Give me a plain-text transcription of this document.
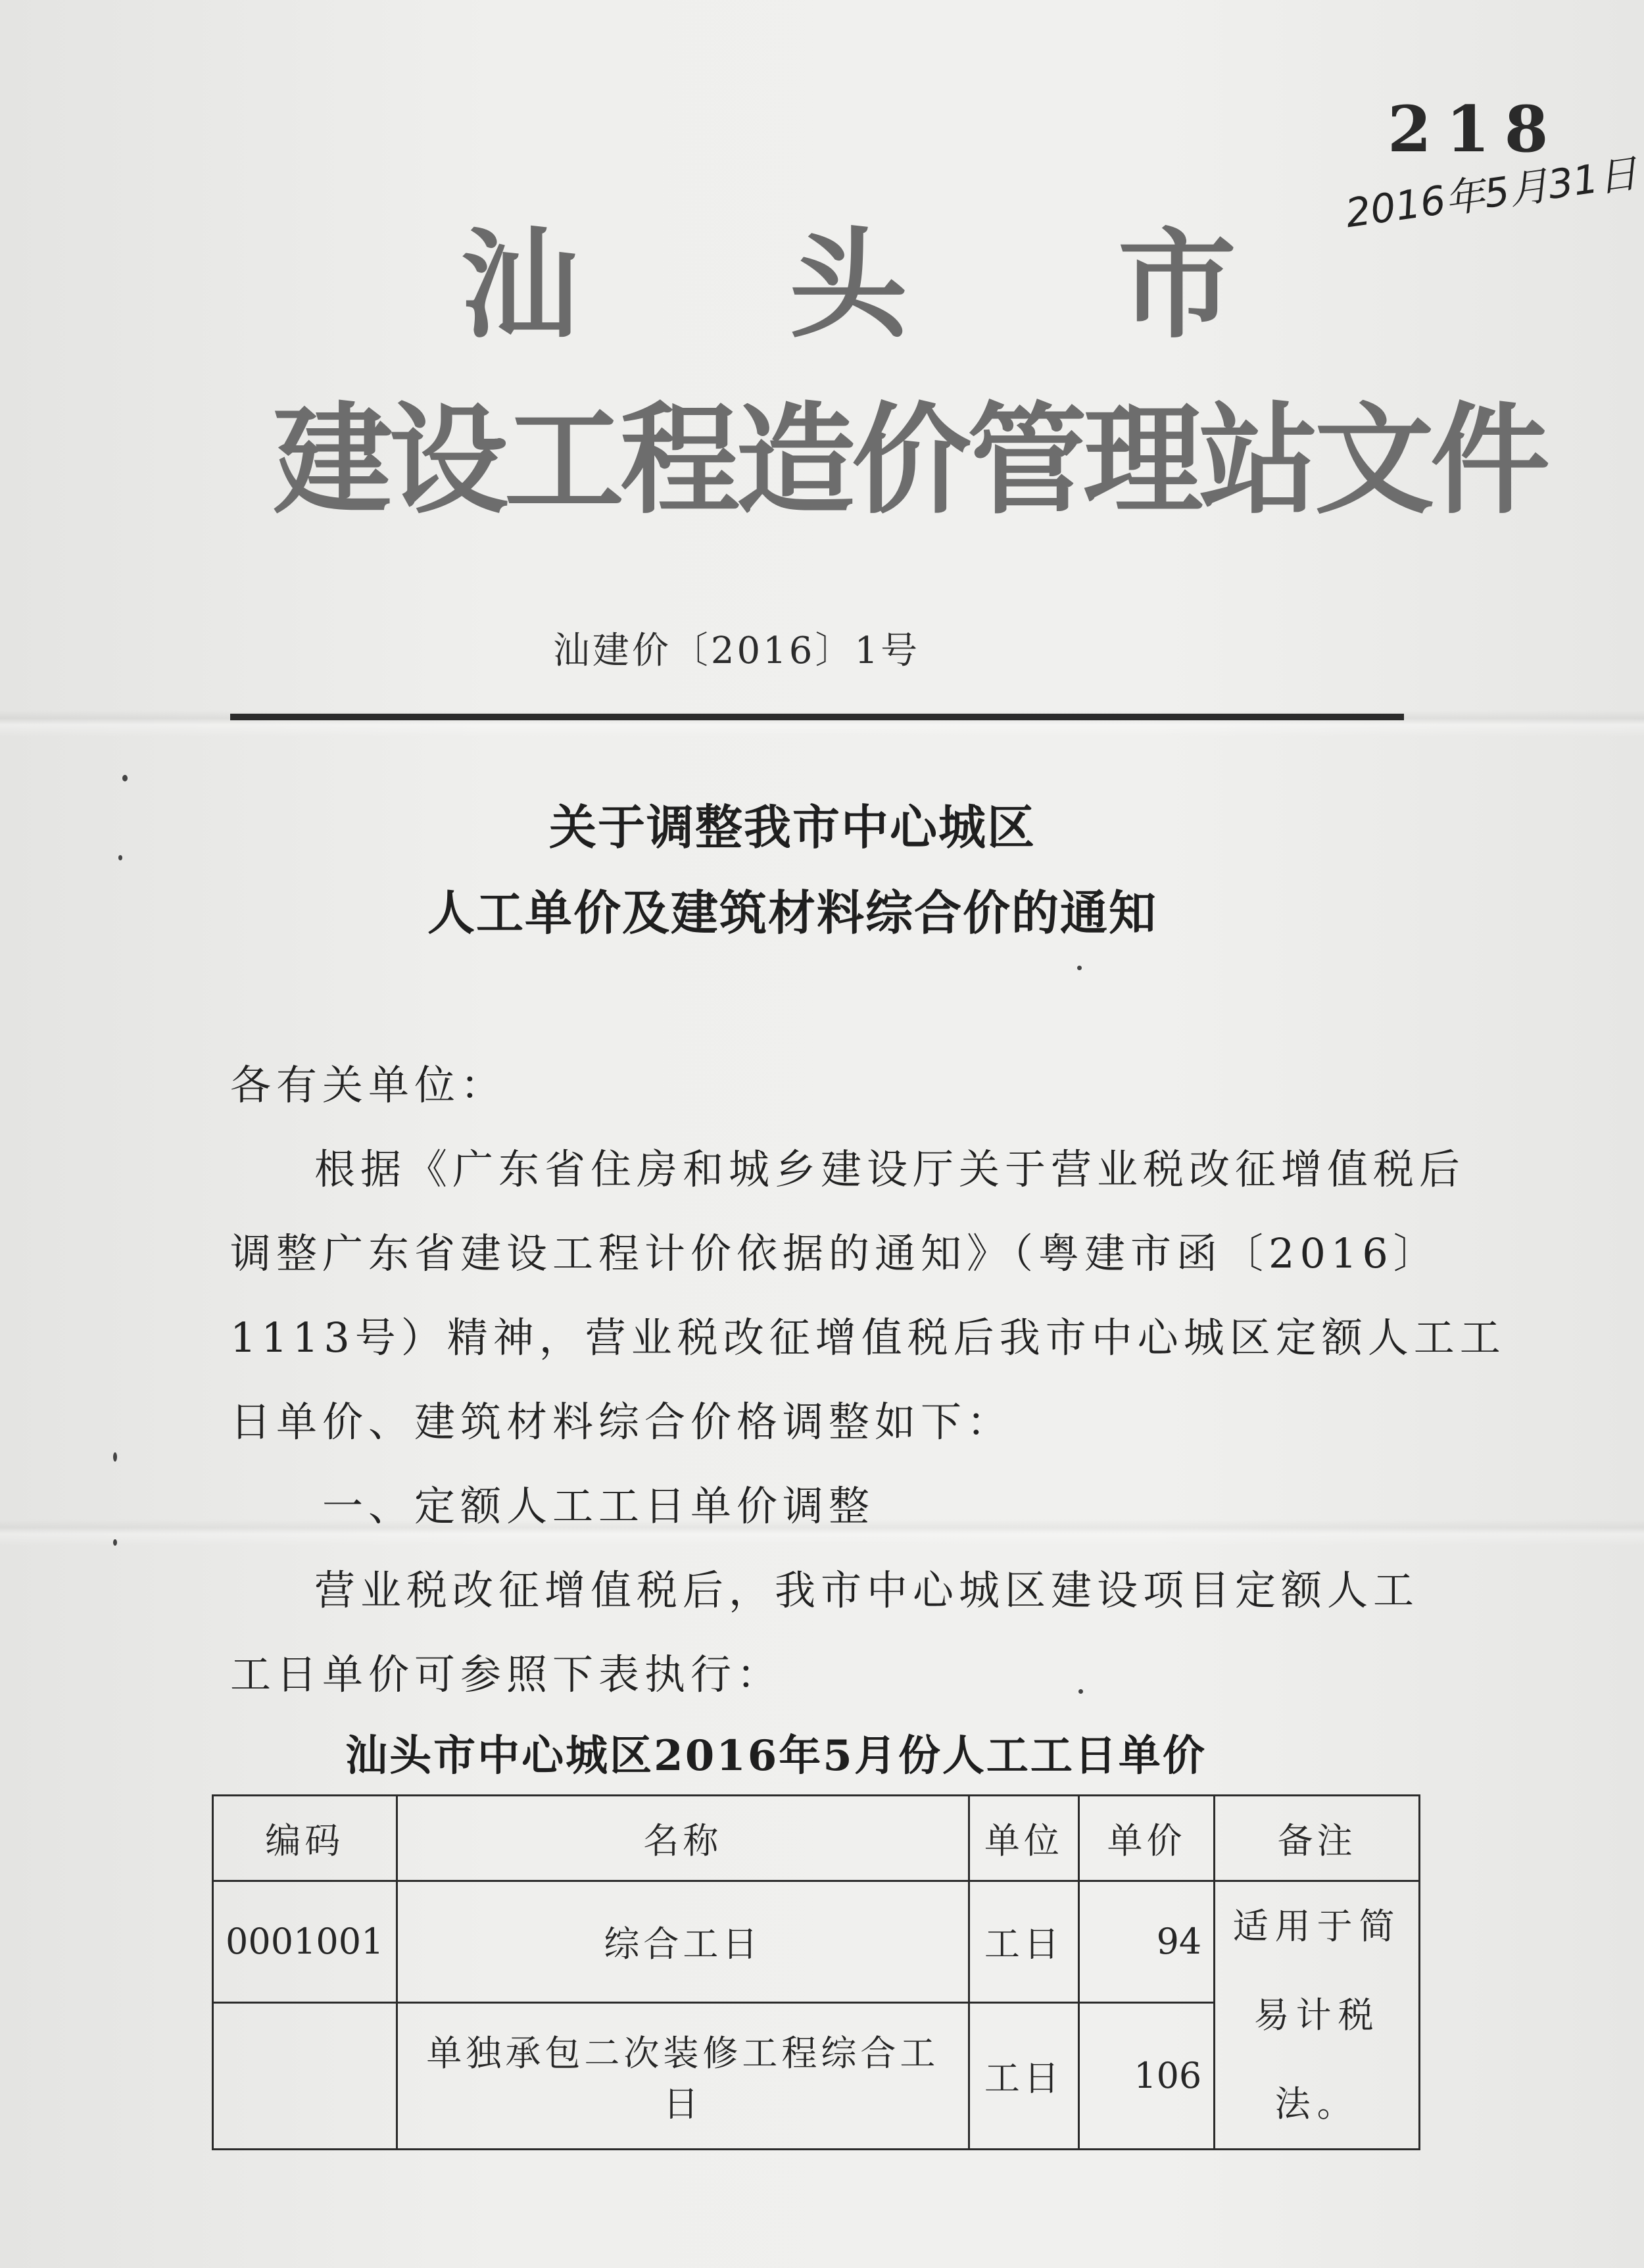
218
2016年5月31日
汕 头 市
建设工程造价管理站文件
汕建价〔2016〕1号
关于调整我市中心城区
人工单价及建筑材料综合价的通知
各有关单位：
根据《广东省住房和城乡建设厅关于营业税改征增值税后
调整广东省建设工程计价依据的通知》（粤建市函〔2016〕
1113号）精神，营业税改征增值税后我市中心城区定额人工工
日单价、建筑材料综合价格调整如下：
一、定额人工工日单价调整
营业税改征增值税后，我市中心城区建设项目定额人工
工日单价可参照下表执行：
汕头市中心城区2016年5月份人工工日单价
编码	名称	单位	单价	备注
0001001	综合工日	工日	94	适用于简
易计税法。
	单独承包二次装修工程综合工日	工日	106	
